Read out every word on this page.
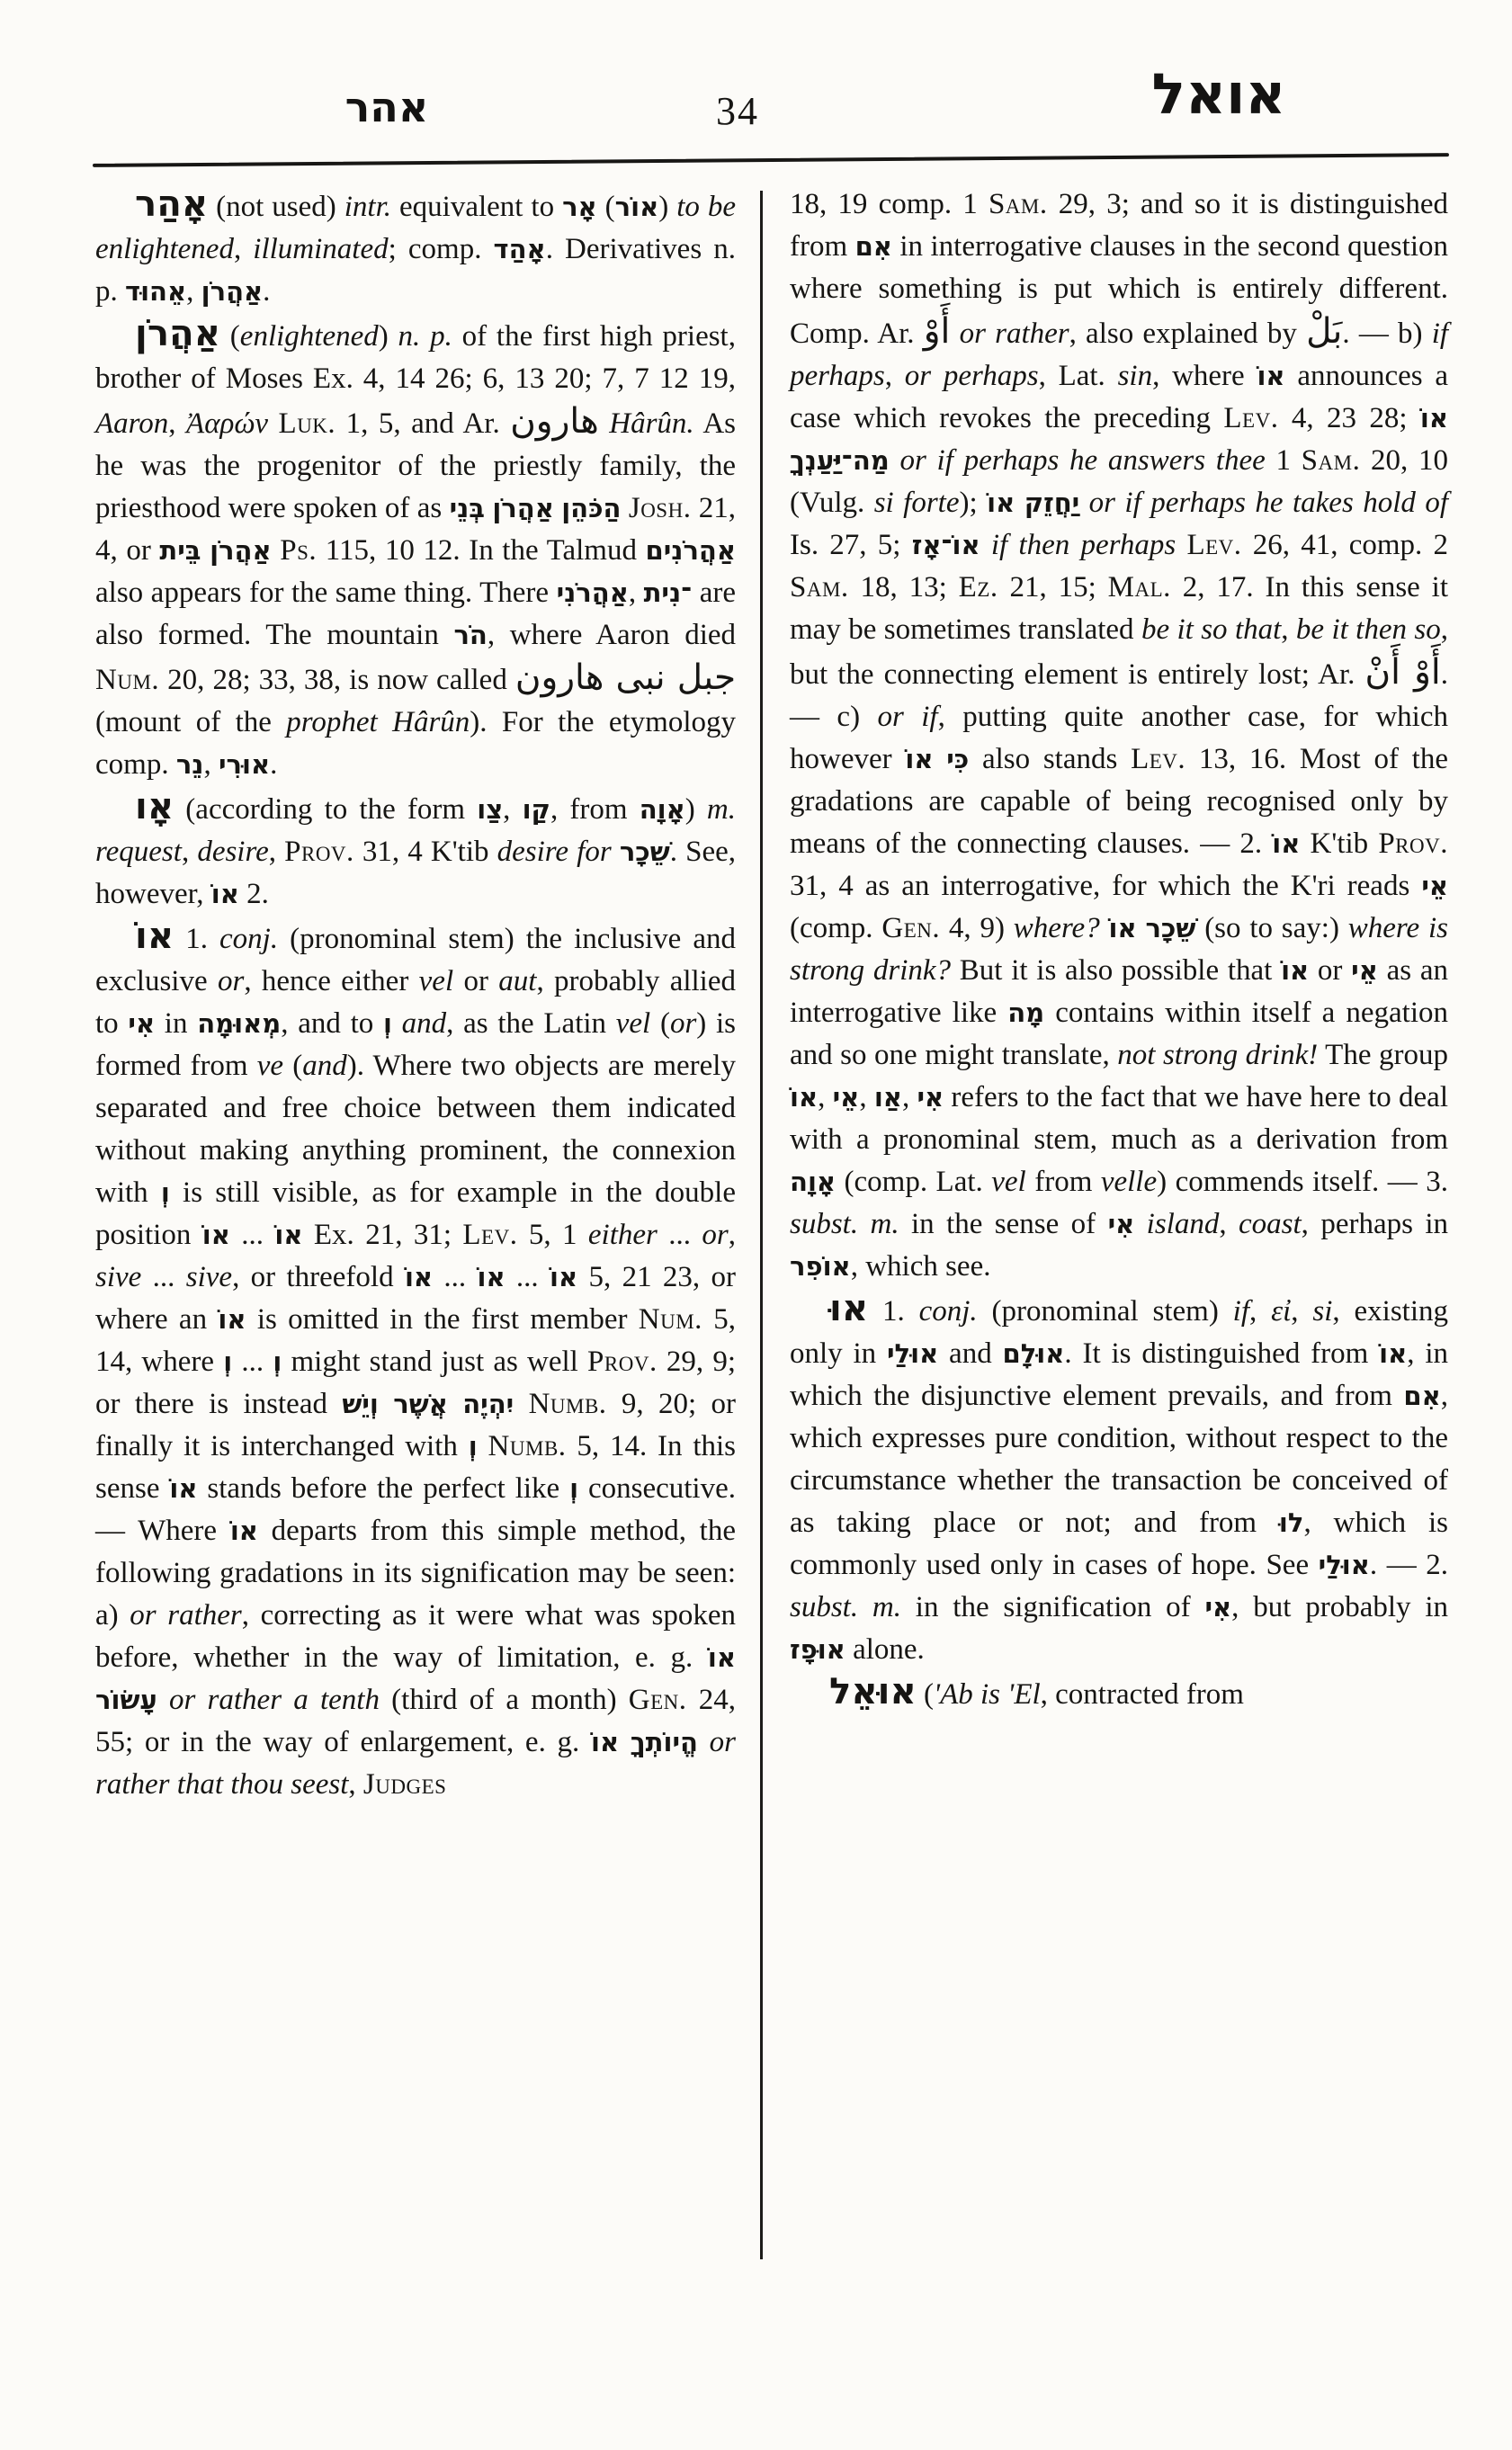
אהר	34	אואל

אָהַר (not used) intr. equivalent to אָר (אוֹר) to be enlightened, illuminated; comp. אָהַד. Derivatives n. p. אֵהוּד, אַהֲרֹן.

אַהֲרֹן (enlightened) n. p. of the first high priest, brother of Moses Ex. 4, 14 26; 6, 13 20; 7, 7 12 19, Aaron, Ἀαρών Luk. 1, 5, and Ar. هارون Hârûn. As he was the progenitor of the priestly family, the priesthood were spoken of as בְּנֵי אַהֲרֹן הַכֹּהֵן Josh. 21, 4, or בֵּית אַהֲרֹן Ps. 115, 10 12. In the Talmud אַהֲרֹנִים also appears for the same thing. There אַהֲרֹנִי, ־נִית are also formed. The mountain הֹר, where Aaron died Num. 20, 28; 33, 38, is now called جبل نبى هارون (mount of the prophet Hârûn). For the etymology comp. נֵר, אוּרִי.

אָו (according to the form צַו, קַו, from אָוָה) m. request, desire, Prov. 31, 4 K'tib desire for שֵׁכָר. See, however, אוֹ 2.

אוֹ 1. conj. (pronominal stem) the inclusive and exclusive or, hence either vel or aut, probably allied to אִי in מְאוּמָה, and to וְ and, as the Latin vel (or) is formed from ve (and). Where two objects are merely separated and free choice between them indicated without making anything prominent, the connexion with וְ is still visible, as for example in the double position אוֹ ... אוֹ Ex. 21, 31; Lev. 5, 1 either ... or, sive ... sive, or threefold אוֹ ... אוֹ ... אוֹ 5, 21 23, or where an אוֹ is omitted in the first member Num. 5, 14, where וְ ... וְ might stand just as well Prov. 29, 9; or there is instead וְיֵשׁ אֲשֶׁר יִהְיֶה Numb. 9, 20; or finally it is interchanged with וְ Numb. 5, 14. In this sense אוֹ stands before the perfect like וְ consecutive. — Where אוֹ departs from this simple method, the following gradations in its signification may be seen: a) or rather, correcting as it were what was spoken before, whether in the way of limitation, e. g. אוֹ עָשׂוֹר or rather a tenth (third of a month) Gen. 24, 55; or in the way of enlargement, e. g. אוֹ הֱיוֹתְךָ or rather that thou seest, Judges

18, 19 comp. 1 Sam. 29, 3; and so it is distinguished from אִם in interrogative clauses in the second question where something is put which is entirely different. Comp. Ar. أَوْ or rather, also explained by بَلْ. — b) if perhaps, or perhaps, Lat. sin, where אוֹ announces a case which revokes the preceding Lev. 4, 23 28; אוֹ מַה־יַּעַנְךָ or if perhaps he answers thee 1 Sam. 20, 10 (Vulg. si forte); אוֹ יַחֲזֵק or if perhaps he takes hold of Is. 27, 5; אוֹ־אָז if then perhaps Lev. 26, 41, comp. 2 Sam. 18, 13; Ez. 21, 15; Mal. 2, 17. In this sense it may be sometimes translated be it so that, be it then so, but the connecting element is entirely lost; Ar. أَوْ أَنْ. — c) or if, putting quite another case, for which however אוֹ כִּי also stands Lev. 13, 16. Most of the gradations are capable of being recognised only by means of the connecting clauses. — 2. אוֹ K'tib Prov. 31, 4 as an interrogative, for which the K'ri reads אֵי (comp. Gen. 4, 9) where? אוֹ שֵׁכָר (so to say:) where is strong drink? But it is also possible that אוֹ or אֵי as an interrogative like מָה contains within itself a negation and so one might translate, not strong drink! The group אוֹ, אֵי, אַו, אִי refers to the fact that we have here to deal with a pronominal stem, much as a derivation from אָוָה (comp. Lat. vel from velle) commends itself. — 3. subst. m. in the sense of אִי island, coast, perhaps in אוֹפִר, which see.

אוּ 1. conj. (pronominal stem) if, εἰ, si, existing only in אוּלַי and אוּלָם. It is distinguished from אוֹ, in which the disjunctive element prevails, and from אִם, which expresses pure condition, without respect to the circumstance whether the transaction be conceived of as taking place or not; and from לוּ, which is commonly used only in cases of hope. See אוּלַי. — 2. subst. m. in the signification of אִי, but probably in אוּפָז alone.

אוּאֵל ('Ab is 'El, contracted from
